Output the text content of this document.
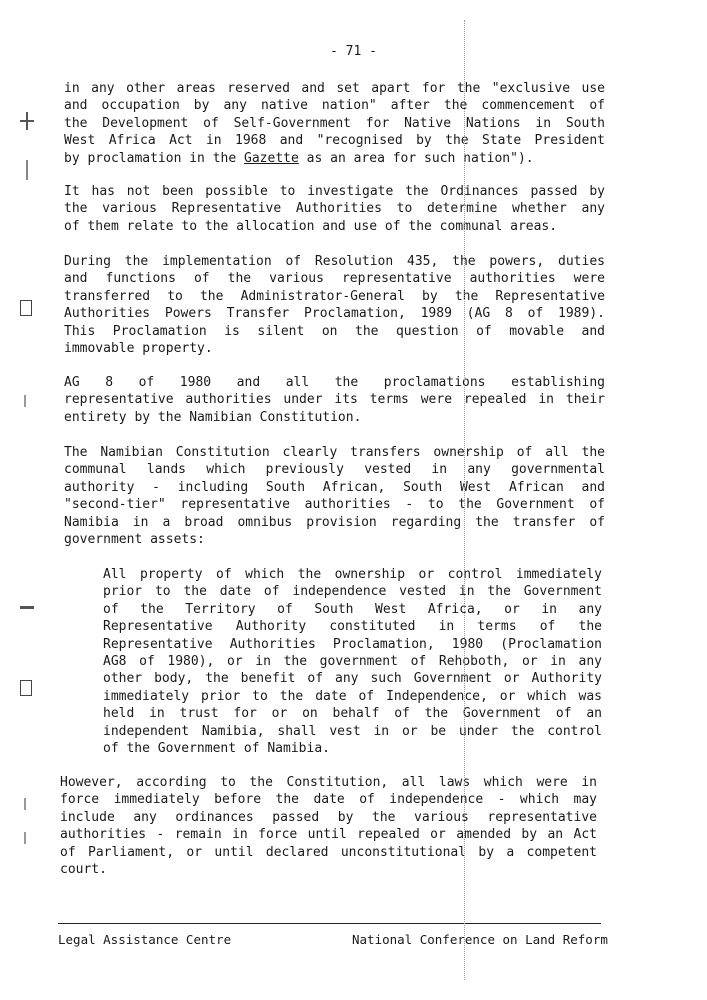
- 71 -
in any other areas reserved and set apart for the "exclusive use
and occupation by any native nation" after the commencement of
the Development of Self-Government for Native Nations in South
West Africa Act in 1968 and "recognised by the State President
by proclamation in the Gazette as an area for such nation").
It has not been possible to investigate the Ordinances passed by
the various Representative Authorities to determine whether any
of them relate to the allocation and use of the communal areas.
During the implementation of Resolution 435, the powers, duties
and functions of the various representative authorities were
transferred to the Administrator-General by the Representative
Authorities Powers Transfer Proclamation, 1989 (AG 8 of 1989).
This Proclamation is silent on the question of movable and
immovable property.
AG 8 of 1980 and all the proclamations establishing
representative authorities under its terms were repealed in their
entirety by the Namibian Constitution.
The Namibian Constitution clearly transfers ownership of all the
communal lands which previously vested in any governmental
authority - including South African, South West African and
"second-tier" representative authorities - to the Government of
Namibia in a broad omnibus provision regarding the transfer of
government assets:
All property of which the ownership or control immediately
prior to the date of independence vested in the Government
of the Territory of South West Africa, or in any
Representative Authority constituted in terms of the
Representative Authorities Proclamation, 1980 (Proclamation
AG8 of 1980), or in the government of Rehoboth, or in any
other body, the benefit of any such Government or Authority
immediately prior to the date of Independence, or which was
held in trust for or on behalf of the Government of an
independent Namibia, shall vest in or be under the control
of the Government of Namibia.
However, according to the Constitution, all laws which were in
force immediately before the date of independence - which may
include any ordinances passed by the various representative
authorities - remain in force until repealed or amended by an Act
of Parliament, or until declared unconstitutional by a competent
court.
Legal Assistance Centre	National Conference on Land Reform
